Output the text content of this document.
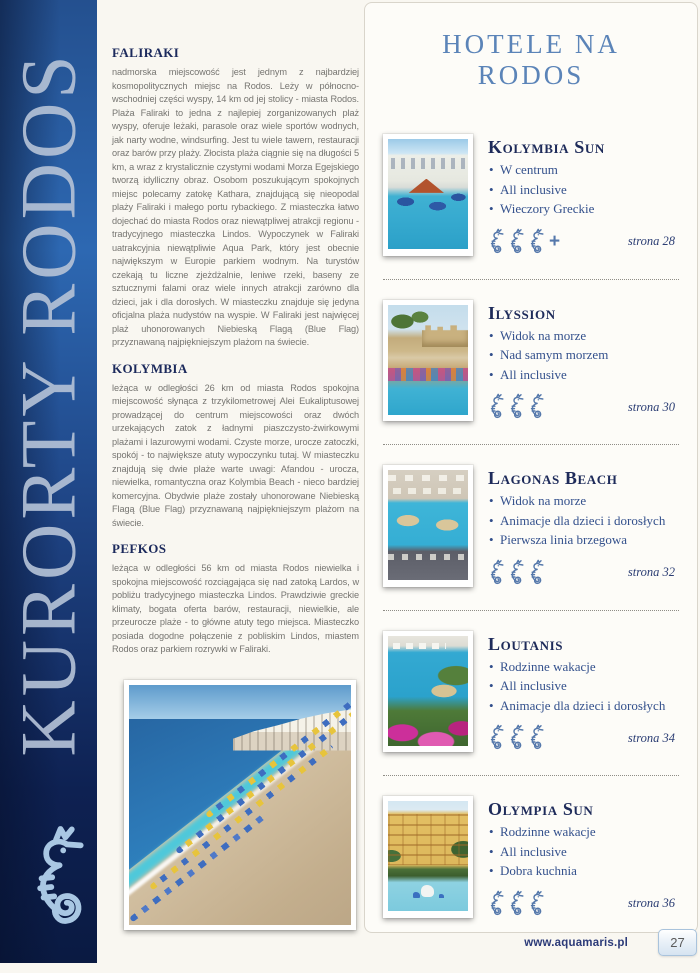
KURORTY RODOS FALIRAKI

nadmorska miejscowość jest jednym z najbardziej kosmopolitycznych miejsc na Rodos. Leży w północno-wschodniej części wyspy, 14 km od jej stolicy - miasta Rodos. Plaża Faliraki to jedna z najlepiej zorganizowanych plaż wyspy, oferuje leżaki, parasole oraz wiele sportów wodnych, jak narty wodne, windsurfing. Jest tu wiele tawern, restauracji oraz barów przy plaży. Złocista plaża ciągnie się na długości 5 km, a wraz z krystalicznie czystymi wodami Morza Egejskiego tworzą idylliczny obraz. Osobom poszukującym spokojnych miejsc polecamy zatokę Kathara, znajdującą się nieopodal plaży Faliraki i małego portu rybackiego. Z miasteczka łatwo dojechać do miasta Rodos oraz niewątpliwej atrakcji regionu - tradycyjnego miasteczka Lindos. Wypoczynek w Faliraki uatrakcyjnia niewątpliwie Aqua Park, który jest obecnie największym w Europie parkiem wodnym. Na turystów czekają tu liczne zjeżdżalnie, leniwe rzeki, baseny ze sztucznymi falami oraz wiele innych atrakcji zarówno dla dzieci, jak i dla dorosłych. W miasteczku znajduje się jedyna oficjalna plaża nudystów na wyspie. W Faliraki jest najwięcej plaż uhonorowanych Niebieską Flagą (Blue Flag) przyznawaną najpiękniejszym plażom na świecie.

KOLYMBIA

leżąca w odległości 26 km od miasta Rodos spokojna miejscowość słynąca z trzykilometrowej Alei Eukaliptusowej prowadzącej do centrum miejscowości oraz dwóch urzekających zatok z ładnymi piaszczysto-żwirkowymi plażami i lazurowymi wodami. Czyste morze, urocze zatoczki, spokój - to największe atuty wypoczynku tutaj. W miasteczku znajdują się dwie plaże warte uwagi: Afandou - urocza, niewielka, romantyczna oraz Kolymbia Beach - nieco bardziej komercyjna. Obydwie plaże zostały uhonorowane Niebieską Flagą (Blue Flag) przyznawaną najpiękniejszym plażom na świecie.

PEFKOS

leżąca w odległości 56 km od miasta Rodos niewielka i spokojna miejscowość rozciągająca się nad zatoką Lardos, w pobliżu tradycyjnego miasteczka Lindos. Prawdziwie greckie klimaty, bogata oferta barów, restauracji, niewielkie, ale przeurocze plaże - to główne atuty tego miejsca. Miasteczko posiada dogodne połączenie z pobliskim Lindos, miastem Rodos oraz parkiem rozrywki w Faliraki.

HOTELE NA
RODOS
Kolymbia Sun
• W centrum
• All inclusive
• Wieczory Greckie
+	strona 28
Ilyssion
• Widok na morze
• Nad samym morzem
• All inclusive
strona 30
Lagonas Beach
• Widok na morze
• Animacje dla dzieci i dorosłych
• Pierwsza linia brzegowa
strona 32
Loutanis
• Rodzinne wakacje
• All inclusive
• Animacje dla dzieci i dorosłych
strona 34
Olympia Sun
• Rodzinne wakacje
• All inclusive
• Dobra kuchnia
strona 36
www.aquamaris.pl	27
